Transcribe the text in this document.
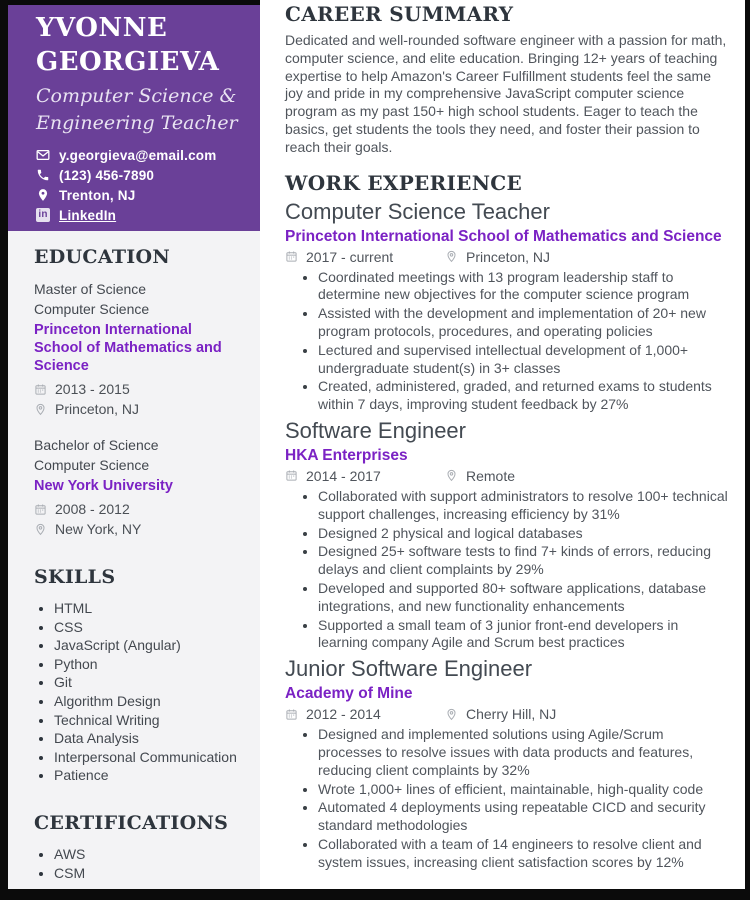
YVONNE GEORGIEVA
Computer Science & Engineering Teacher
y.georgieva@email.com
(123) 456-7890
Trenton, NJ
in LinkedIn
EDUCATION
Master of Science
Computer Science
Princeton International School of Mathematics and Science
2013 - 2015
Princeton, NJ
Bachelor of Science
Computer Science
New York University
2008 - 2012
New York, NY
SKILLS
• HTML
• CSS
• JavaScript (Angular)
• Python
• Git
• Algorithm Design
• Technical Writing
• Data Analysis
• Interpersonal Communication
• Patience
CERTIFICATIONS
• AWS
• CSM
CAREER SUMMARY

Dedicated and well-rounded software engineer with a passion for math, computer science, and elite education. Bringing 12+ years of teaching expertise to help Amazon's Career Fulfillment students feel the same joy and pride in my comprehensive JavaScript computer science program as my past 150+ high school students. Eager to teach the basics, get students the tools they need, and foster their passion to reach their goals.

WORK EXPERIENCE
Computer Science Teacher
Princeton International School of Mathematics and Science
2017 - current	Princeton, NJ
• Coordinated meetings with 13 program leadership staff to determine new objectives for the computer science program
• Assisted with the development and implementation of 20+ new program protocols, procedures, and operating policies
• Lectured and supervised intellectual development of 1,000+ undergraduate student(s) in 3+ classes
• Created, administered, graded, and returned exams to students within 7 days, improving student feedback by 27%
Software Engineer
HKA Enterprises
2014 - 2017	Remote
• Collaborated with support administrators to resolve 100+ technical support challenges, increasing efficiency by 31%
• Designed 2 physical and logical databases
• Designed 25+ software tests to find 7+ kinds of errors, reducing delays and client complaints by 29%
• Developed and supported 80+ software applications, database integrations, and new functionality enhancements
• Supported a small team of 3 junior front-end developers in learning company Agile and Scrum best practices
Junior Software Engineer
Academy of Mine
2012 - 2014	Cherry Hill, NJ
• Designed and implemented solutions using Agile/Scrum processes to resolve issues with data products and features, reducing client complaints by 32%
• Wrote 1,000+ lines of efficient, maintainable, high-quality code
• Automated 4 deployments using repeatable CICD and security standard methodologies
• Collaborated with a team of 14 engineers to resolve client and system issues, increasing client satisfaction scores by 12%
